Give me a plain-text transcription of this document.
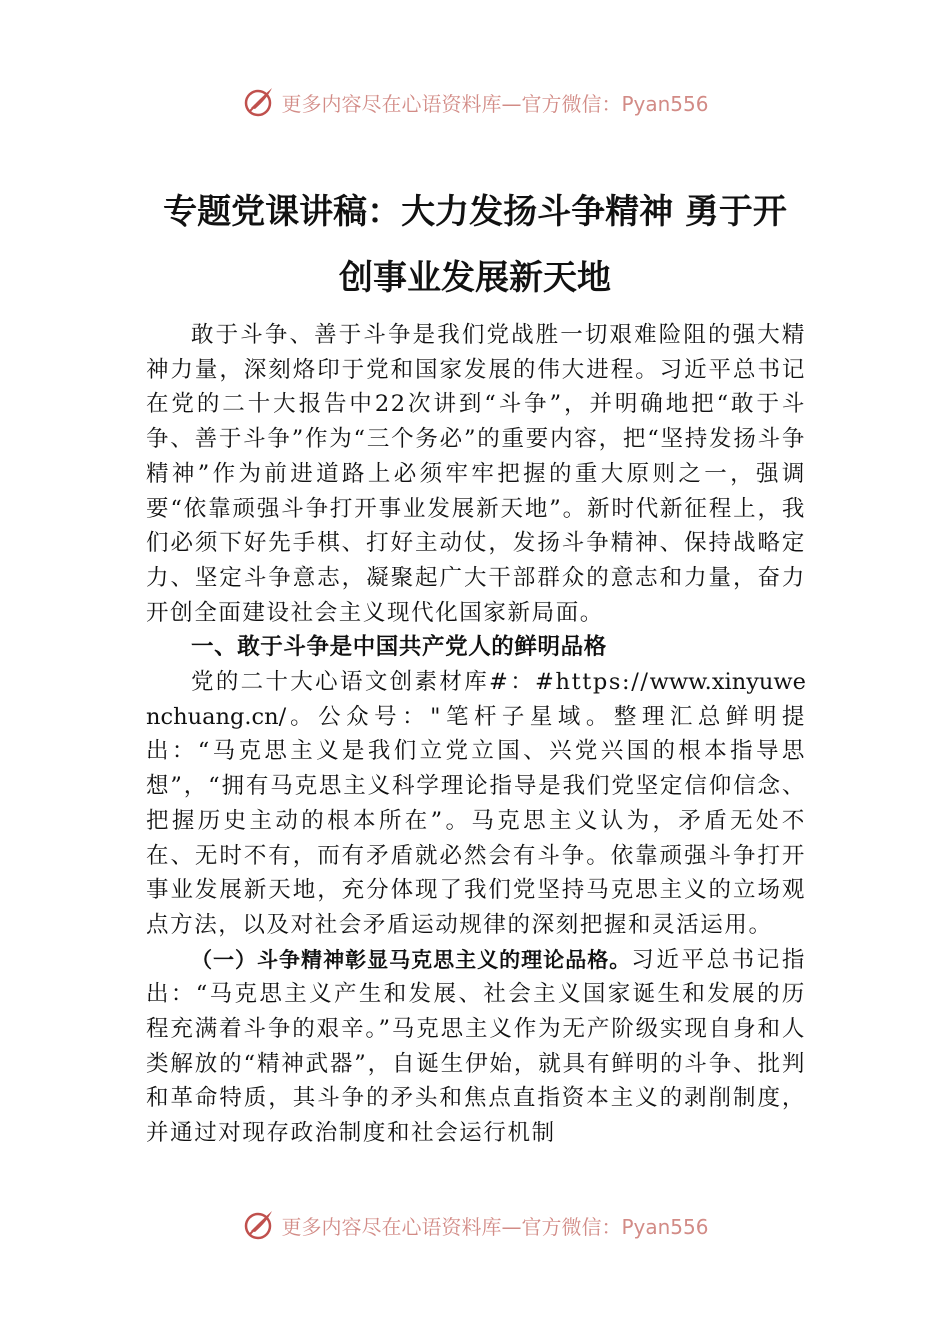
更多内容尽在心语资料库—官方微信：Pyan556
专题党课讲稿：大力发扬斗争精神 勇于开
创事业发展新天地

敢于斗争、善于斗争是我们党战胜一切艰难险阻的强大精神力量，深刻烙印于党和国家发展的伟大进程。习近平总书记在党的二十大报告中22次讲到“斗争”，并明确地把“敢于斗争、善于斗争”作为“三个务必”的重要内容，把“坚持发扬斗争精神”作为前进道路上必须牢牢把握的重大原则之一，强调要“依靠顽强斗争打开事业发展新天地”。新时代新征程上，我们必须下好先手棋、打好主动仗，发扬斗争精神、保持战略定力、坚定斗争意志，凝聚起广大干部群众的意志和力量，奋力开创全面建设社会主义现代化国家新局面。

一、敢于斗争是中国共产党人的鲜明品格

党的二十大心语文创素材库#：#https://www.xinyuwenchuang.cn/。公众号："笔杆子星域。整理汇总鲜明提出：“马克思主义是我们立党立国、兴党兴国的根本指导思想”，“拥有马克思主义科学理论指导是我们党坚定信仰信念、把握历史主动的根本所在”。马克思主义认为，矛盾无处不在、无时不有，而有矛盾就必然会有斗争。依靠顽强斗争打开事业发展新天地，充分体现了我们党坚持马克思主义的立场观点方法，以及对社会矛盾运动规律的深刻把握和灵活运用。

（一）斗争精神彰显马克思主义的理论品格。习近平总书记指出：“马克思主义产生和发展、社会主义国家诞生和发展的历程充满着斗争的艰辛。”马克思主义作为无产阶级实现自身和人类解放的“精神武器”，自诞生伊始，就具有鲜明的斗争、批判和革命特质，其斗争的矛头和焦点直指资本主义的剥削制度，并通过对现存政治制度和社会运行机制

更多内容尽在心语资料库—官方微信：Pyan556
